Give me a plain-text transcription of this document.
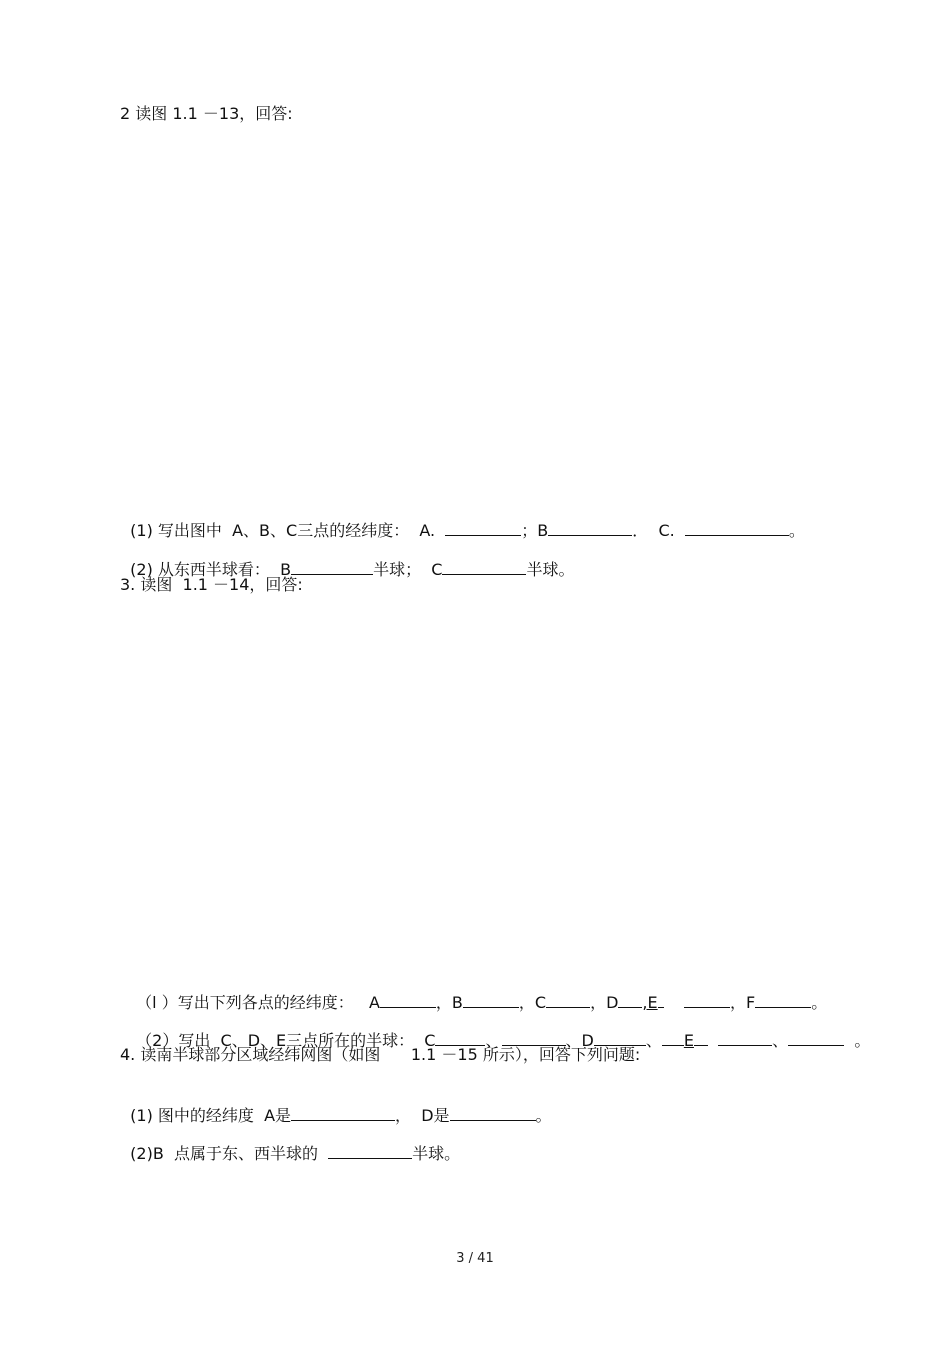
2 读图 1.1 －13，回答:

(1) 写出图中  A、B、C三点的经纬度：  A.	；B	．  C.	。

(2) 从东西半球看：  B	半球；  C	半球。

3. 读图  1.1 －14，回答:

（l ）写出下列各点的经纬度：   A	，B	，C	，D ,E	，F	。

（2）写出  C、D、E三点所在的半球：  C	、	、D	、 E	、	。

4. 读南半球部分区域经纬网图（如图      1.1 －15 所示），回答下列问题:

(1) 图中的经纬度  A是	，  D是	。

(2)B  点属于东、西半球的	半球。

3 / 41
